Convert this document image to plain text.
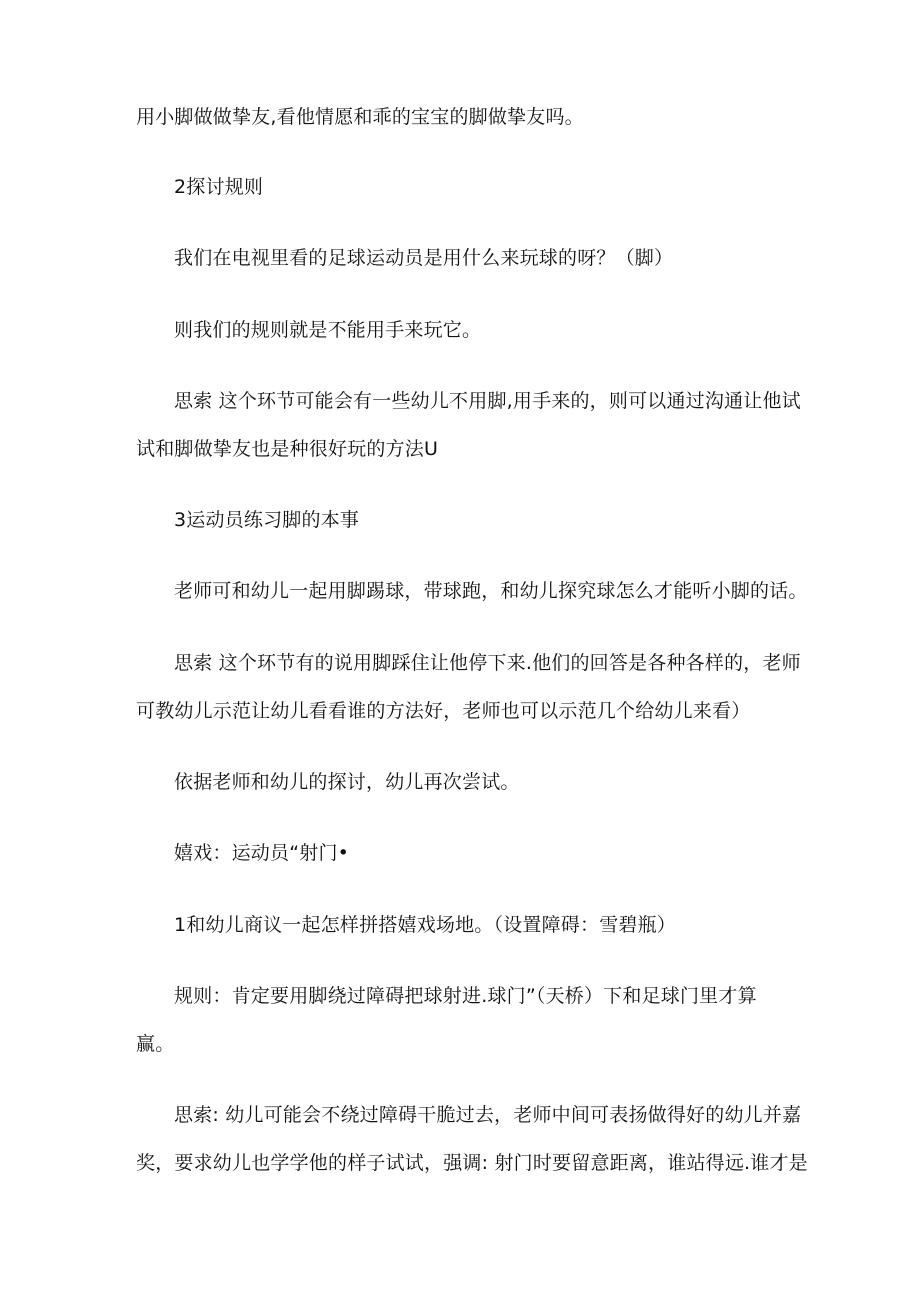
用小脚做做挚友,看他情愿和乖的宝宝的脚做挚友吗。
2探讨规则
我们在电视里看的足球运动员是用什么来玩球的呀？（脚）
则我们的规则就是不能用手来玩它。
思索 这个环节可能会有一些幼儿不用脚,用手来的，则可以通过沟通让他试
试和脚做挚友也是种很好玩的方法U
3运动员练习脚的本事
老师可和幼儿一起用脚踢球，带球跑，和幼儿探究球怎么才能听小脚的话。
思索 这个环节有的说用脚踩住让他停下来.他们的回答是各种各样的，老师
可教幼儿示范让幼儿看看谁的方法好，老师也可以示范几个给幼儿来看）
依据老师和幼儿的探讨，幼儿再次尝试。
嬉戏：运动员“射门•
1和幼儿商议一起怎样拼搭嬉戏场地。（设置障碍：雪碧瓶）
规则：肯定要用脚绕过障碍把球射进.球门”（天桥）下和足球门里才算
赢。
思索: 幼儿可能会不绕过障碍干脆过去，老师中间可表扬做得好的幼儿并嘉
奖，要求幼儿也学学他的样子试试，强调: 射门时要留意距离，谁站得远.谁才是
